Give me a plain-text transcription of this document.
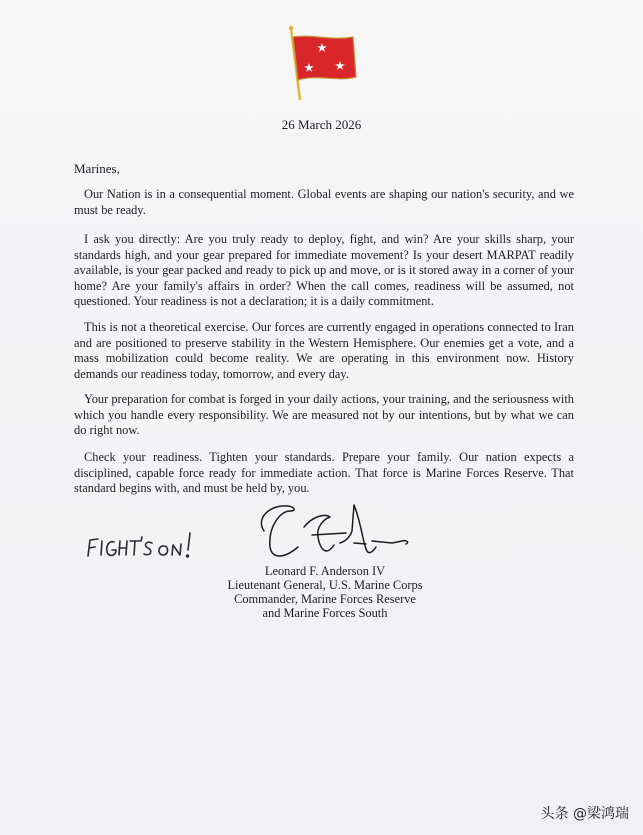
26 March 2026
Marines,

Our Nation is in a consequential moment. Global events are shaping our nation's security, and we must be ready.

I ask you directly: Are you truly ready to deploy, fight, and win? Are your skills sharp, your standards high, and your gear prepared for immediate movement? Is your desert MARPAT readily available, is your gear packed and ready to pick up and move, or is it stored away in a corner of your home? Are your family's affairs in order? When the call comes, readiness will be assumed, not questioned. Your readiness is not a declaration; it is a daily commitment.

This is not a theoretical exercise. Our forces are currently engaged in operations connected to Iran and are positioned to preserve stability in the Western Hemisphere. Our enemies get a vote, and a mass mobilization could become reality. We are operating in this environment now. History demands our readiness today, tomorrow, and every day.

Your preparation for combat is forged in your daily actions, your training, and the seriousness with which you handle every responsibility. We are measured not by our intentions, but by what we can do right now.

Check your readiness. Tighten your standards. Prepare your family. Our nation expects a disciplined, capable force ready for immediate action. That force is Marine Forces Reserve. That standard begins with, and must be held by, you.

Leonard F. Anderson IV
Lieutenant General, U.S. Marine Corps
Commander, Marine Forces Reserve
and Marine Forces South
头条 @梁鸿瑞
